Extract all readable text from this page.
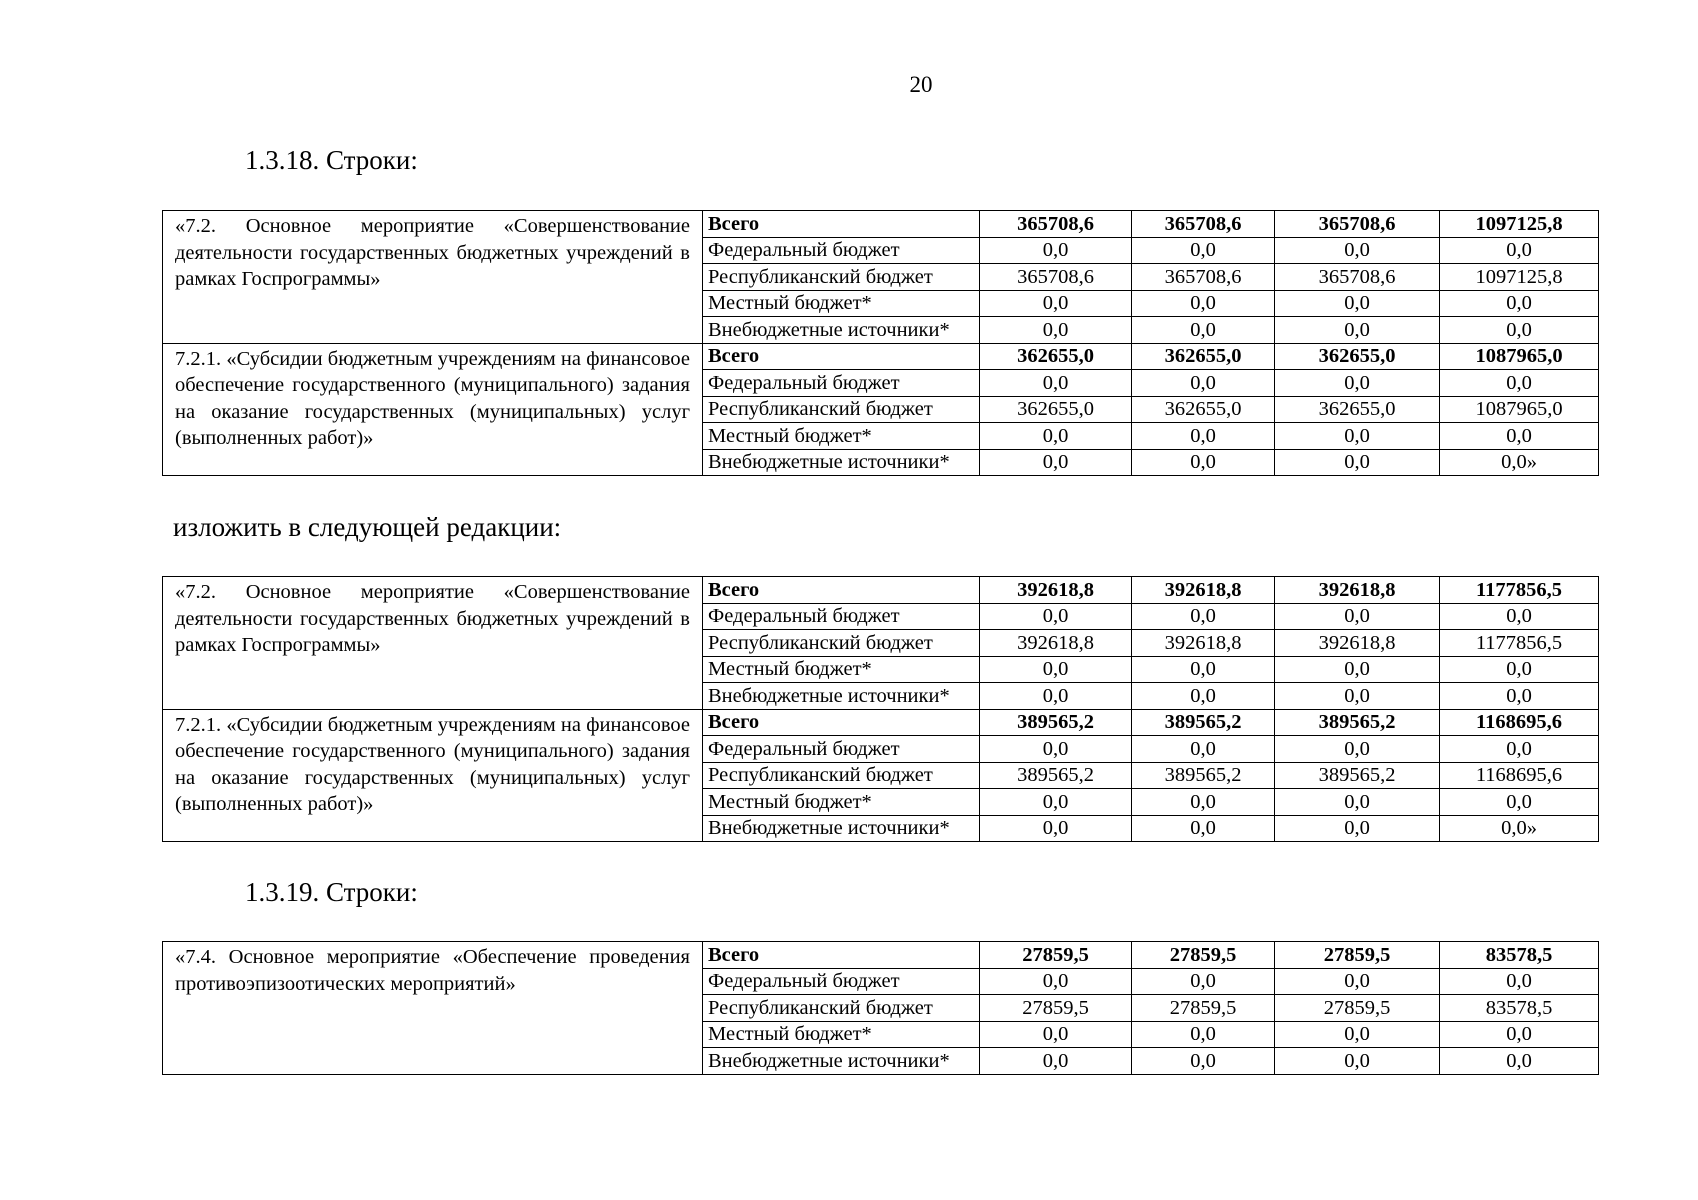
20
1.3.18. Строки:
«7.2. Основное мероприятие «Совершенствование деятельности государственных бюджетных учреждений в рамках Госпрограммы»	Всего	365708,6	365708,6	365708,6	1097125,8
	Федеральный бюджет	0,0	0,0	0,0	0,0
	Республиканский бюджет	365708,6	365708,6	365708,6	1097125,8
	Местный бюджет*	0,0	0,0	0,0	0,0
	Внебюджетные источники*	0,0	0,0	0,0	0,0
7.2.1. «Субсидии бюджетным учреждениям на финансовое обеспечение государственного (муниципального) задания на оказание государственных (муниципальных) услуг (выполненных работ)»	Всего	362655,0	362655,0	362655,0	1087965,0
	Федеральный бюджет	0,0	0,0	0,0	0,0
	Республиканский бюджет	362655,0	362655,0	362655,0	1087965,0
	Местный бюджет*	0,0	0,0	0,0	0,0
	Внебюджетные источники*	0,0	0,0	0,0	0,0»
изложить в следующей редакции:
«7.2. Основное мероприятие «Совершенствование деятельности государственных бюджетных учреждений в рамках Госпрограммы»	Всего	392618,8	392618,8	392618,8	1177856,5
	Федеральный бюджет	0,0	0,0	0,0	0,0
	Республиканский бюджет	392618,8	392618,8	392618,8	1177856,5
	Местный бюджет*	0,0	0,0	0,0	0,0
	Внебюджетные источники*	0,0	0,0	0,0	0,0
7.2.1. «Субсидии бюджетным учреждениям на финансовое обеспечение государственного (муниципального) задания на оказание государственных (муниципальных) услуг (выполненных работ)»	Всего	389565,2	389565,2	389565,2	1168695,6
	Федеральный бюджет	0,0	0,0	0,0	0,0
	Республиканский бюджет	389565,2	389565,2	389565,2	1168695,6
	Местный бюджет*	0,0	0,0	0,0	0,0
	Внебюджетные источники*	0,0	0,0	0,0	0,0»
1.3.19. Строки:
«7.4. Основное мероприятие «Обеспечение проведения противоэпизоотических мероприятий»	Всего	27859,5	27859,5	27859,5	83578,5
	Федеральный бюджет	0,0	0,0	0,0	0,0
	Республиканский бюджет	27859,5	27859,5	27859,5	83578,5
	Местный бюджет*	0,0	0,0	0,0	0,0
	Внебюджетные источники*	0,0	0,0	0,0	0,0
